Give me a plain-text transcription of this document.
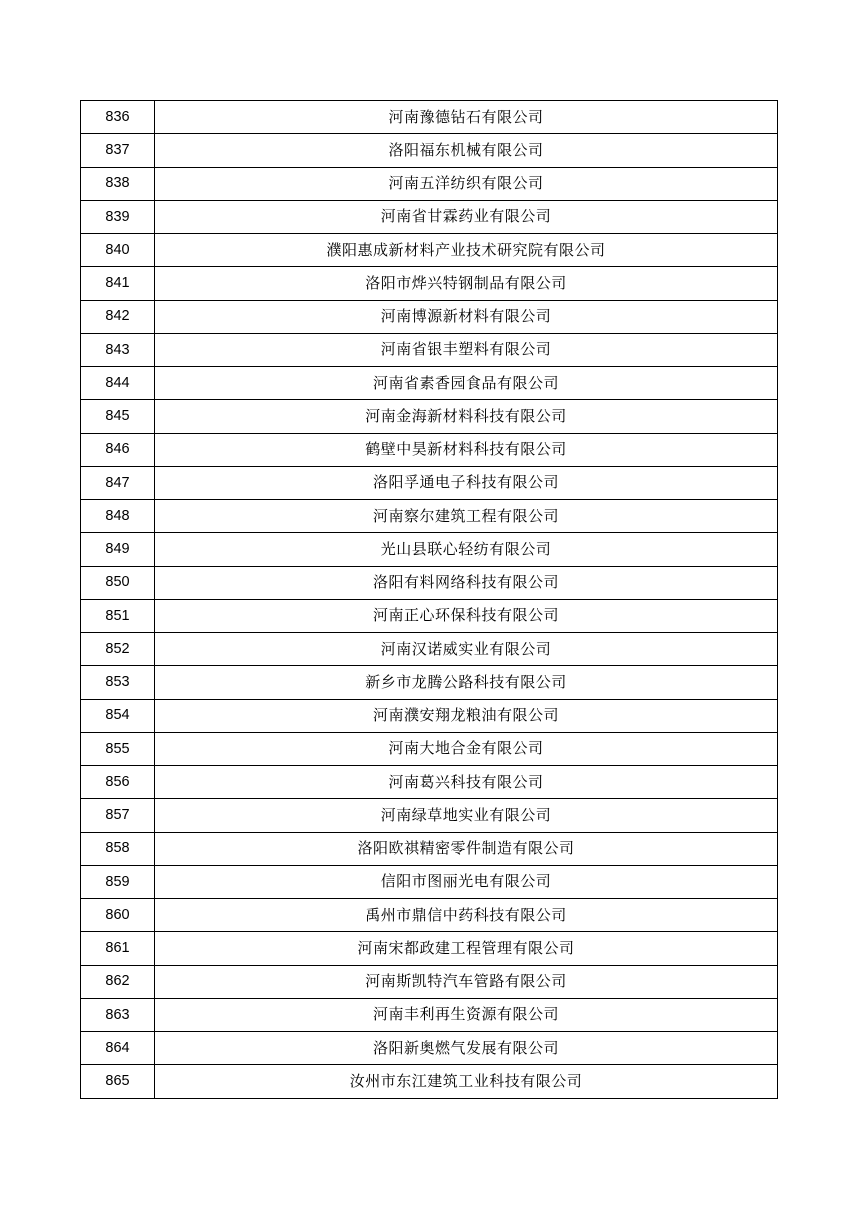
836	河南豫德钻石有限公司
837	洛阳福东机械有限公司
838	河南五洋纺织有限公司
839	河南省甘霖药业有限公司
840	濮阳惠成新材料产业技术研究院有限公司
841	洛阳市烨兴特钢制品有限公司
842	河南博源新材料有限公司
843	河南省银丰塑料有限公司
844	河南省素香园食品有限公司
845	河南金海新材料科技有限公司
846	鹤壁中昊新材料科技有限公司
847	洛阳孚通电子科技有限公司
848	河南察尔建筑工程有限公司
849	光山县联心轻纺有限公司
850	洛阳有料网络科技有限公司
851	河南正心环保科技有限公司
852	河南汉诺威实业有限公司
853	新乡市龙腾公路科技有限公司
854	河南濮安翔龙粮油有限公司
855	河南大地合金有限公司
856	河南葛兴科技有限公司
857	河南绿草地实业有限公司
858	洛阳欧祺精密零件制造有限公司
859	信阳市图丽光电有限公司
860	禹州市鼎信中药科技有限公司
861	河南宋都政建工程管理有限公司
862	河南斯凯特汽车管路有限公司
863	河南丰利再生资源有限公司
864	洛阳新奥燃气发展有限公司
865	汝州市东江建筑工业科技有限公司
